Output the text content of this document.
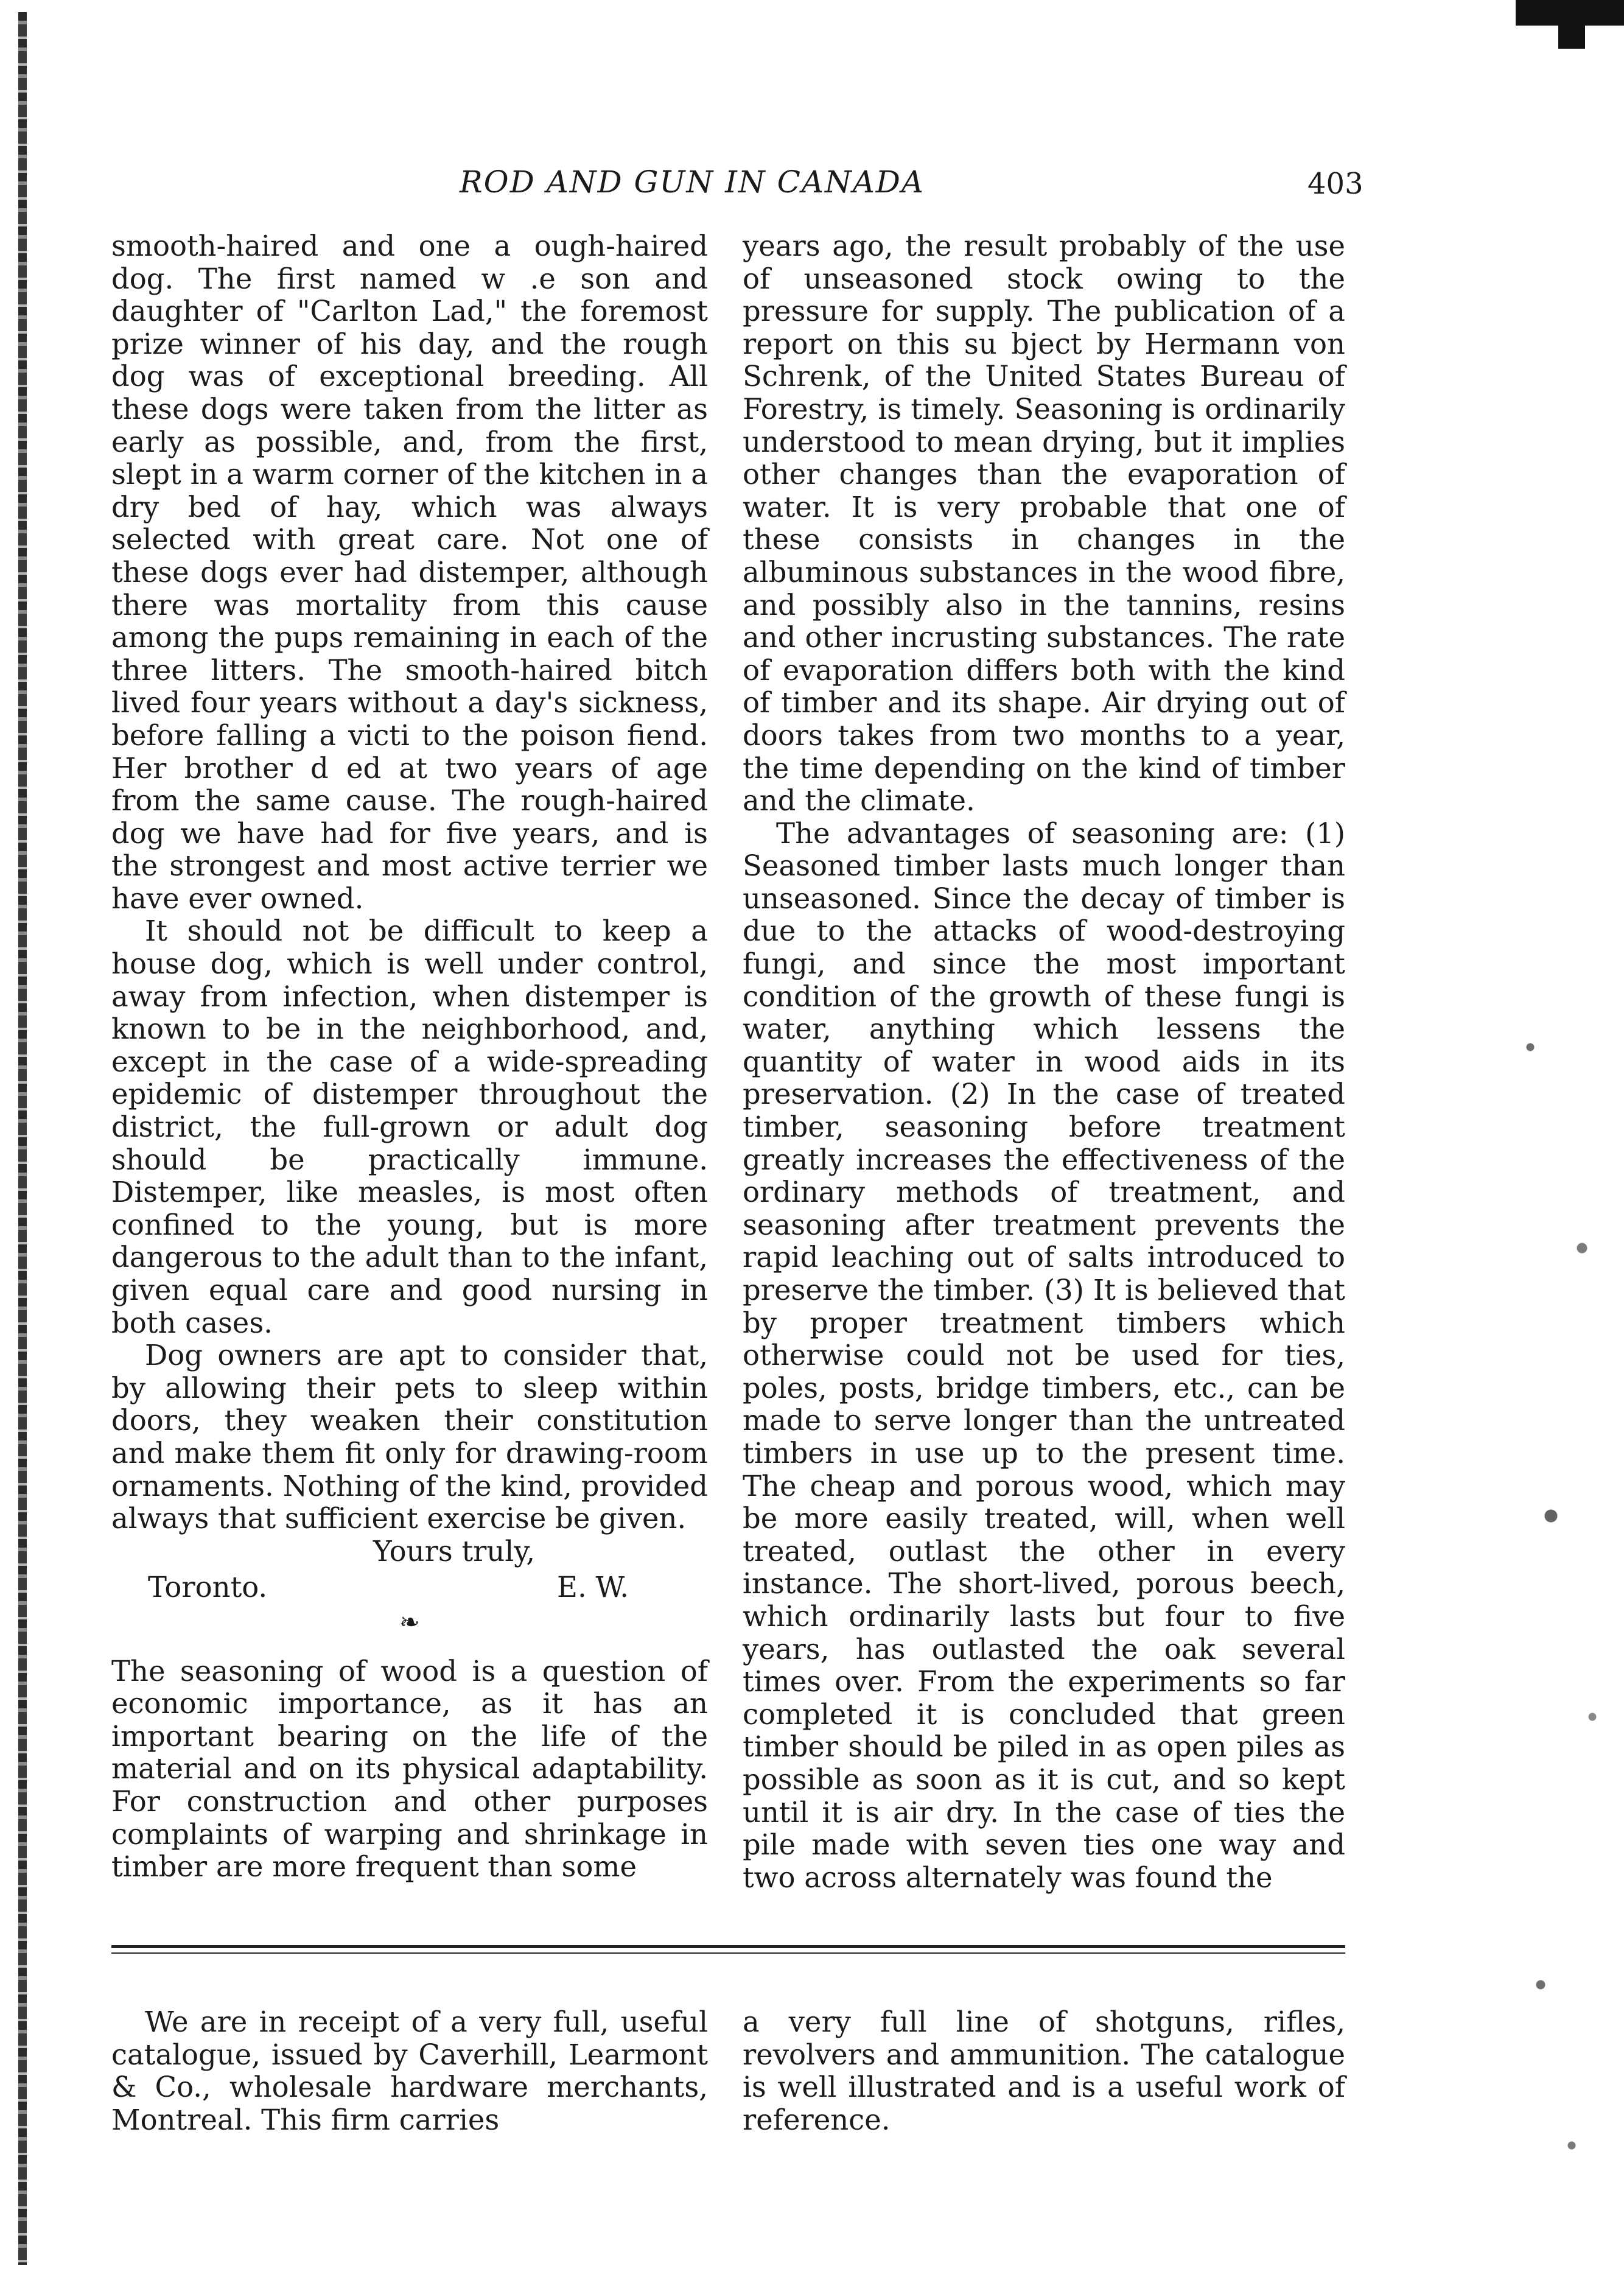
ROD AND GUN IN CANADA	403

smooth-haired and one a ough-haired dog. The first named w .e son and daughter of "Carlton Lad," the foremost prize winner of his day, and the rough dog was of exceptional breeding. All these dogs were taken from the litter as early as possible, and, from the first, slept in a warm corner of the kitchen in a dry bed of hay, which was always selected with great care. Not one of these dogs ever had distemper, although there was mortality from this cause among the pups remaining in each of the three litters. The smooth-haired bitch lived four years without a day's sickness, before falling a victi to the poison fiend. Her brother d ed at two years of age from the same cause. The rough-haired dog we have had for five years, and is the strongest and most active terrier we have ever owned.

It should not be difficult to keep a house dog, which is well under control, away from infection, when distemper is known to be in the neighborhood, and, except in the case of a wide-spreading epidemic of distemper throughout the district, the full-grown or adult dog should be practically immune. Distemper, like measles, is most often confined to the young, but is more dangerous to the adult than to the infant, given equal care and good nursing in both cases.

Dog owners are apt to consider that, by allowing their pets to sleep within doors, they weaken their constitution and make them fit only for drawing-room ornaments. Nothing of the kind, provided always that sufficient exercise be given.

Yours truly,
Toronto.	E. W.
❧

The seasoning of wood is a question of economic importance, as it has an important bearing on the life of the material and on its physical adaptability. For construction and other purposes complaints of warping and shrinkage in timber are more frequent than some

years ago, the result probably of the use of unseasoned stock owing to the pressure for supply. The publication of a report on this su bject by Hermann von Schrenk, of the United States Bureau of Forestry, is timely. Seasoning is ordinarily understood to mean drying, but it implies other changes than the evaporation of water. It is very probable that one of these consists in changes in the albuminous substances in the wood fibre, and possibly also in the tannins, resins and other incrusting substances. The rate of evaporation differs both with the kind of timber and its shape. Air drying out of doors takes from two months to a year, the time depending on the kind of timber and the climate.

The advantages of seasoning are: (1) Seasoned timber lasts much longer than unseasoned. Since the decay of timber is due to the attacks of wood-destroying fungi, and since the most important condition of the growth of these fungi is water, anything which lessens the quantity of water in wood aids in its preservation. (2) In the case of treated timber, seasoning before treatment greatly increases the effectiveness of the ordinary methods of treatment, and seasoning after treatment prevents the rapid leaching out of salts introduced to preserve the timber. (3) It is believed that by proper treatment timbers which otherwise could not be used for ties, poles, posts, bridge timbers, etc., can be made to serve longer than the untreated timbers in use up to the present time. The cheap and porous wood, which may be more easily treated, will, when well treated, outlast the other in every instance. The short-lived, porous beech, which ordinarily lasts but four to five years, has outlasted the oak several times over. From the experiments so far completed it is concluded that green timber should be piled in as open piles as possible as soon as it is cut, and so kept until it is air dry. In the case of ties the pile made with seven ties one way and two across alternately was found the

We are in receipt of a very full, useful catalogue, issued by Caverhill, Learmont & Co., wholesale hardware merchants, Montreal. This firm carries

a very full line of shotguns, rifles, revolvers and ammunition. The catalogue is well illustrated and is a useful work of reference.
